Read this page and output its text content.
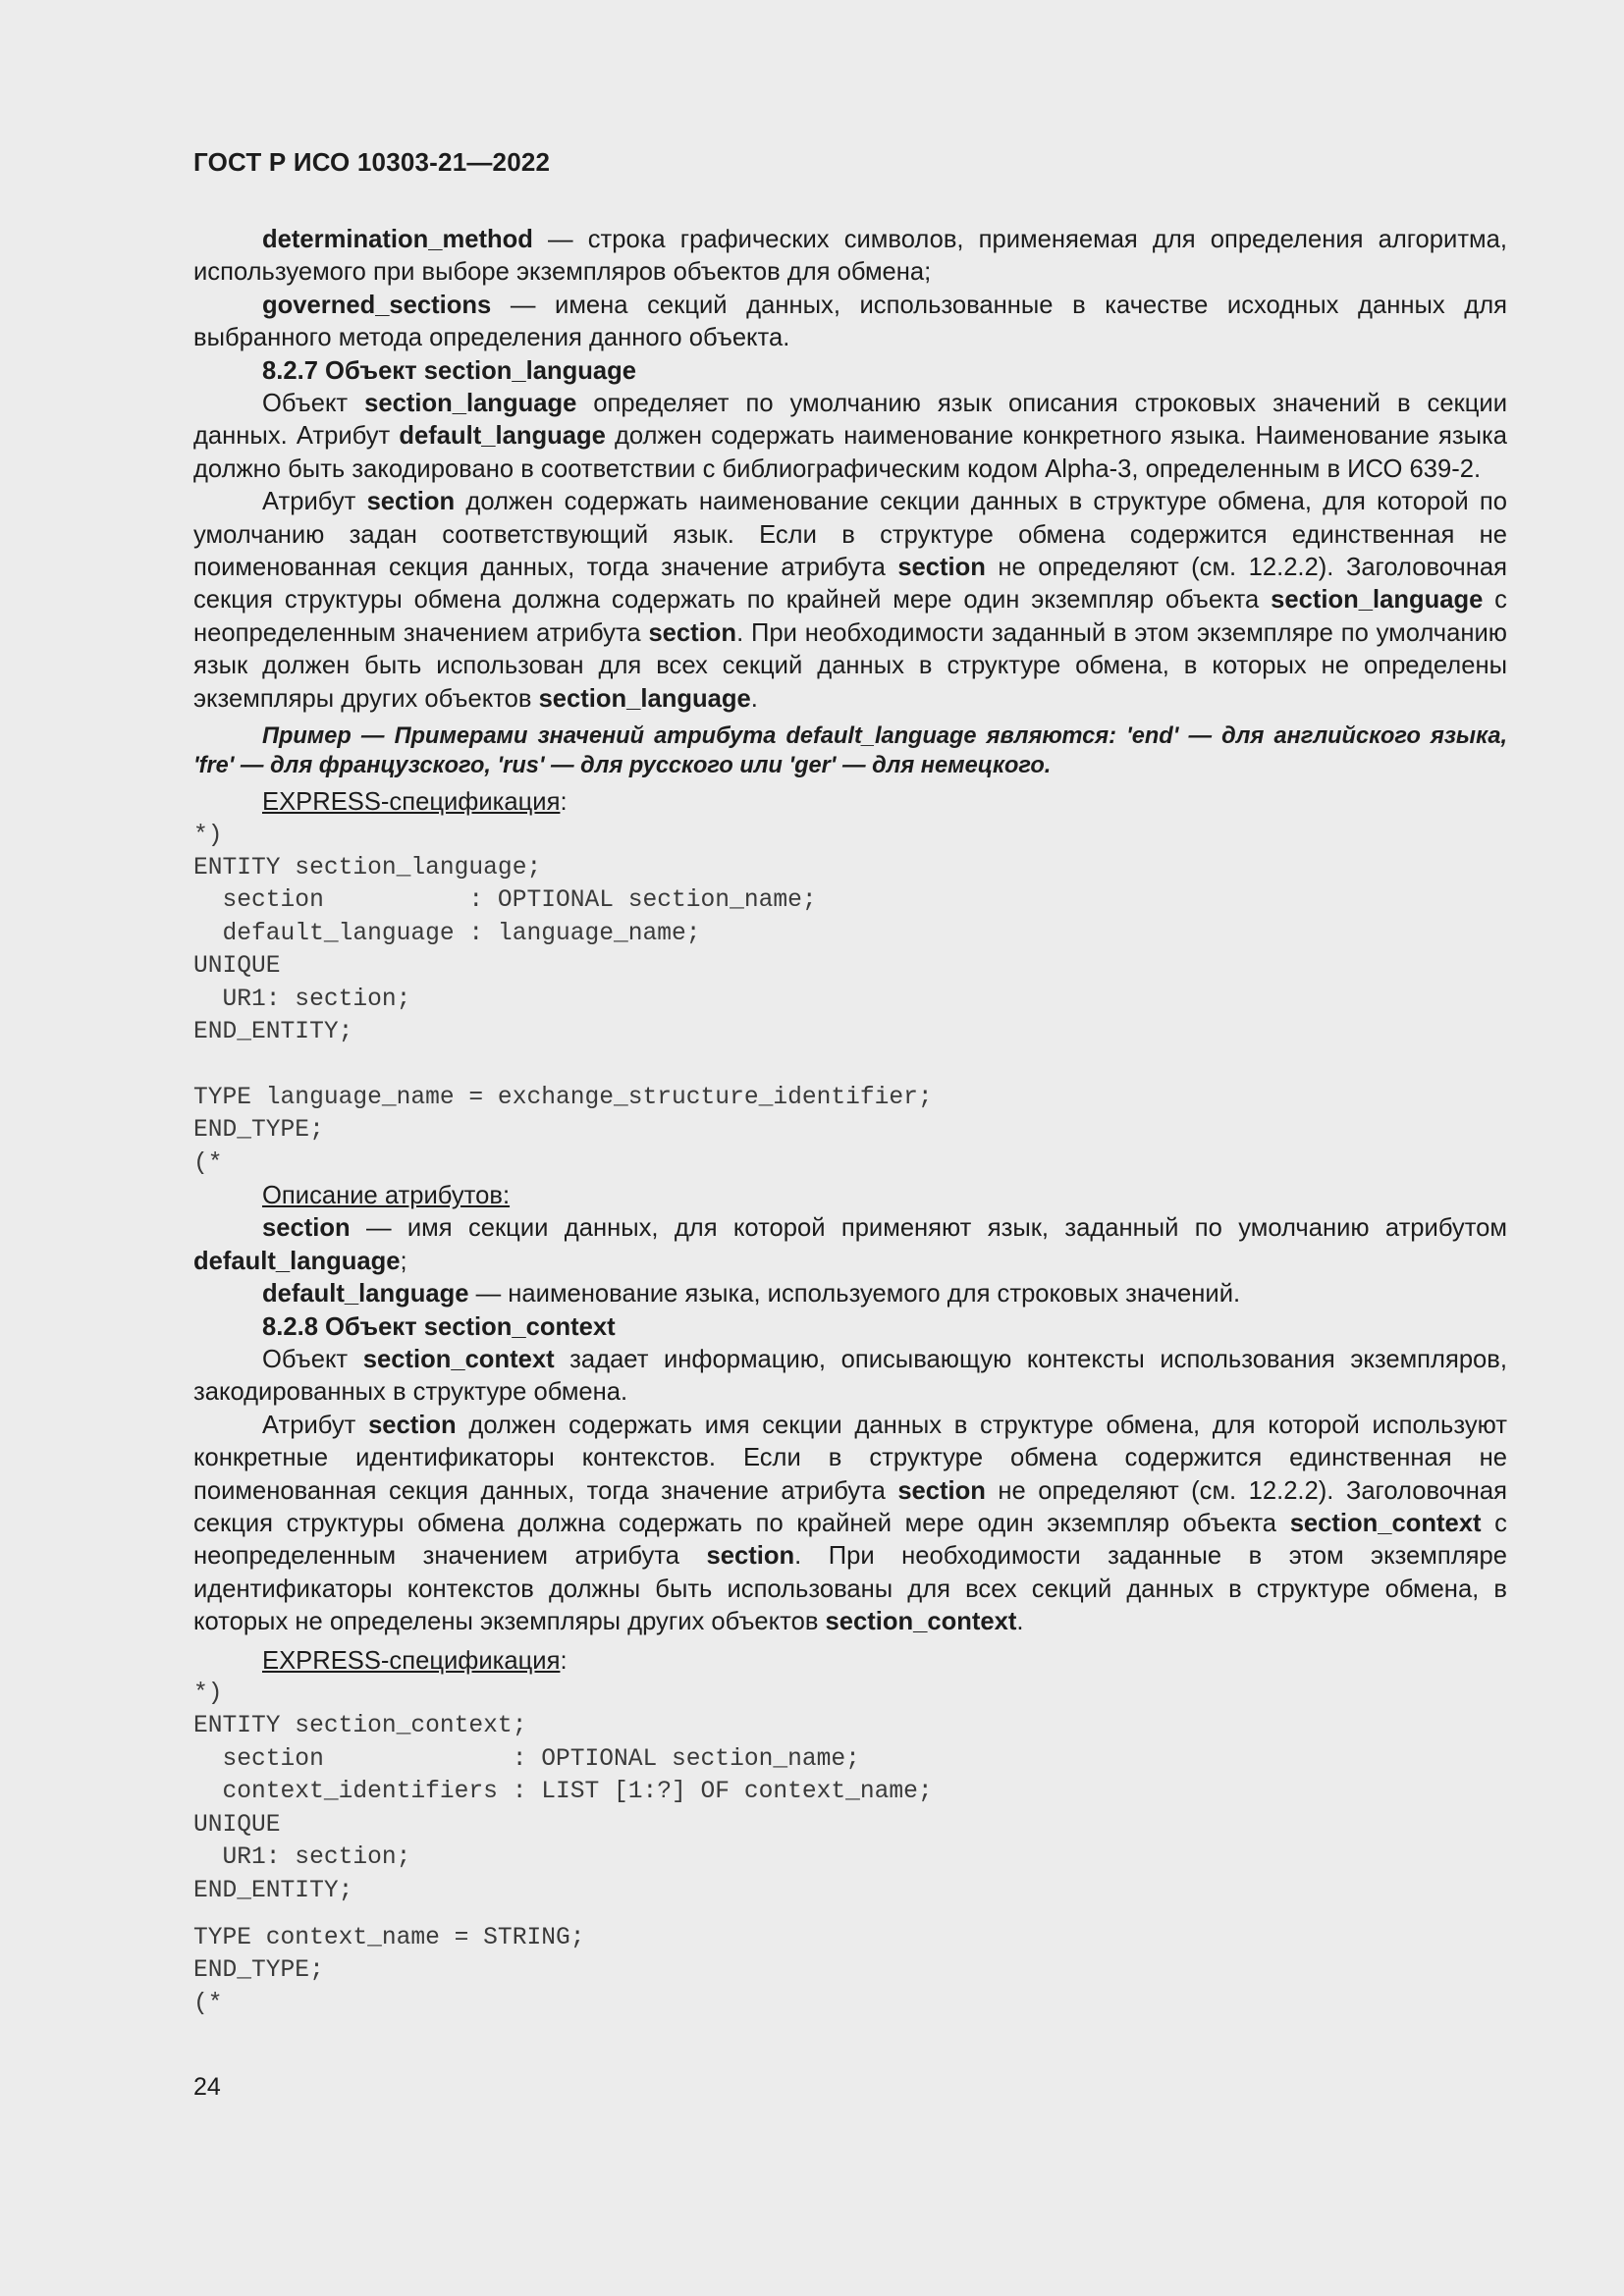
ГОСТ Р ИСО 10303-21—2022

determination_method — строка графических символов, применяемая для определения алгоритма, используемого при выборе экземпляров объектов для обмена;

governed_sections — имена секций данных, использованные в качестве исходных данных для выбранного метода определения данного объекта.

8.2.7 Объект section_language

Объект section_language определяет по умолчанию язык описания строковых значений в секции данных. Атрибут default_language должен содержать наименование конкретного языка. Наименование языка должно быть закодировано в соответствии с библиографическим кодом Alpha-3, определенным в ИСО 639-2.

Атрибут section должен содержать наименование секции данных в структуре обмена, для которой по умолчанию задан соответствующий язык. Если в структуре обмена содержится единственная не поименованная секция данных, тогда значение атрибута section не определяют (см. 12.2.2). Заголовочная секция структуры обмена должна содержать по крайней мере один экземпляр объекта section_language с неопределенным значением атрибута section. При необходимости заданный в этом экземпляре по умолчанию язык должен быть использован для всех секций данных в структуре обмена, в которых не определены экземпляры других объектов section_language.

Пример — Примерами значений атрибута default_language являются: 'end' — для английского языка, 'fre' — для французского, 'rus' — для русского или 'ger' — для немецкого.

EXPRESS-спецификация:
*)
ENTITY section_language;
section          : OPTIONAL section_name;
default_language : language_name;
UNIQUE
UR1: section;
END_ENTITY;

TYPE language_name = exchange_structure_identifier;
END_TYPE;
(*
Описание атрибутов:

section — имя секции данных, для которой применяют язык, заданный по умолчанию атрибутом default_language;

default_language — наименование языка, используемого для строковых значений.

8.2.8 Объект section_context

Объект section_context задает информацию, описывающую контексты использования экземпляров, закодированных в структуре обмена.

Атрибут section должен содержать имя секции данных в структуре обмена, для которой используют конкретные идентификаторы контекстов. Если в структуре обмена содержится единственная не поименованная секция данных, тогда значение атрибута section не определяют (см. 12.2.2). Заголовочная секция структуры обмена должна содержать по крайней мере один экземпляр объекта section_context с неопределенным значением атрибута section. При необходимости заданные в этом экземпляре идентификаторы контекстов должны быть использованы для всех секций данных в структуре обмена, в которых не определены экземпляры других объектов section_context.

EXPRESS-спецификация:
*)
ENTITY section_context;
section             : OPTIONAL section_name;
context_identifiers : LIST [1:?] OF context_name;
UNIQUE
UR1: section;
END_ENTITY;
TYPE context_name = STRING;
END_TYPE;
(*
24
